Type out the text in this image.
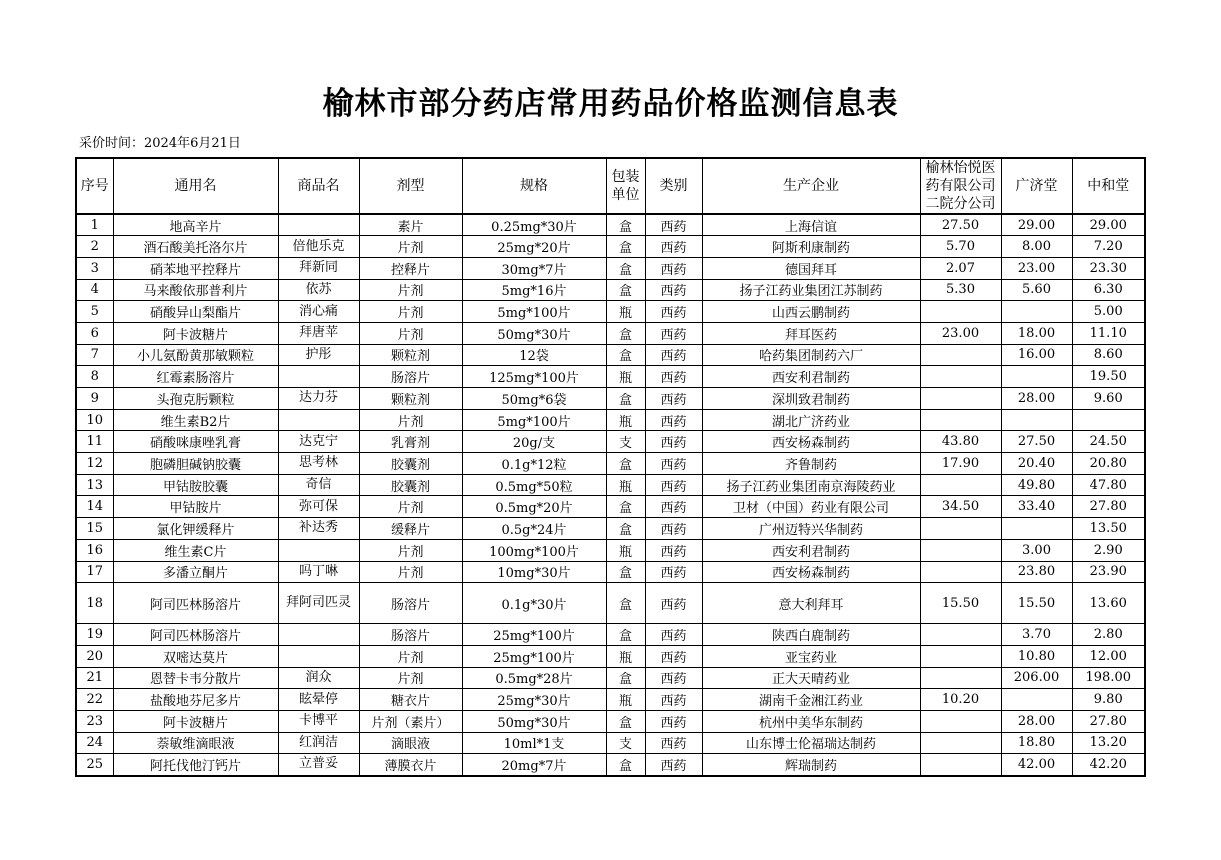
榆林市部分药店常用药品价格监测信息表
采价时间：2024年6月21日
序号	通用名	商品名	剂型	规格	包装单位	类别	生产企业	榆林怡悦医药有限公司二院分公司	广济堂	中和堂
1	地高辛片		素片	0.25mg*30片	盒	西药	上海信谊	27.50	29.00	29.00
2	酒石酸美托洛尔片	倍他乐克	片剂	25mg*20片	盒	西药	阿斯利康制药	5.70	8.00	7.20
3	硝苯地平控释片	拜新同	控释片	30mg*7片	盒	西药	德国拜耳	2.07	23.00	23.30
4	马来酸依那普利片	依苏	片剂	5mg*16片	盒	西药	扬子江药业集团江苏制药	5.30	5.60	6.30
5	硝酸异山梨酯片	消心痛	片剂	5mg*100片	瓶	西药	山西云鹏制药			5.00
6	阿卡波糖片	拜唐苹	片剂	50mg*30片	盒	西药	拜耳医药	23.00	18.00	11.10
7	小儿氨酚黄那敏颗粒	护彤	颗粒剂	12袋	盒	西药	哈药集团制药六厂		16.00	8.60
8	红霉素肠溶片		肠溶片	125mg*100片	瓶	西药	西安利君制药			19.50
9	头孢克肟颗粒	达力芬	颗粒剂	50mg*6袋	盒	西药	深圳致君制药		28.00	9.60
10	维生素B2片		片剂	5mg*100片	瓶	西药	湖北广济药业			
11	硝酸咪康唑乳膏	达克宁	乳膏剂	20g/支	支	西药	西安杨森制药	43.80	27.50	24.50
12	胞磷胆碱钠胶囊	思考林	胶囊剂	0.1g*12粒	盒	西药	齐鲁制药	17.90	20.40	20.80
13	甲钴胺胶囊	奇信	胶囊剂	0.5mg*50粒	瓶	西药	扬子江药业集团南京海陵药业		49.80	47.80
14	甲钴胺片	弥可保	片剂	0.5mg*20片	盒	西药	卫材（中国）药业有限公司	34.50	33.40	27.80
15	氯化钾缓释片	补达秀	缓释片	0.5g*24片	盒	西药	广州迈特兴华制药			13.50
16	维生素C片		片剂	100mg*100片	瓶	西药	西安利君制药		3.00	2.90
17	多潘立酮片	吗丁啉	片剂	10mg*30片	盒	西药	西安杨森制药		23.80	23.90
18	阿司匹林肠溶片	拜阿司匹灵	肠溶片	0.1g*30片	盒	西药	意大利拜耳	15.50	15.50	13.60
19	阿司匹林肠溶片		肠溶片	25mg*100片	盒	西药	陕西白鹿制药		3.70	2.80
20	双嘧达莫片		片剂	25mg*100片	瓶	西药	亚宝药业		10.80	12.00
21	恩替卡韦分散片	润众	片剂	0.5mg*28片	盒	西药	正大天晴药业		206.00	198.00
22	盐酸地芬尼多片	眩晕停	糖衣片	25mg*30片	瓶	西药	湖南千金湘江药业	10.20		9.80
23	阿卡波糖片	卡博平	片剂（素片）	50mg*30片	盒	西药	杭州中美华东制药		28.00	27.80
24	萘敏维滴眼液	红润洁	滴眼液	10ml*1支	支	西药	山东博士伦福瑞达制药		18.80	13.20
25	阿托伐他汀钙片	立普妥	薄膜衣片	20mg*7片	盒	西药	辉瑞制药		42.00	42.20
